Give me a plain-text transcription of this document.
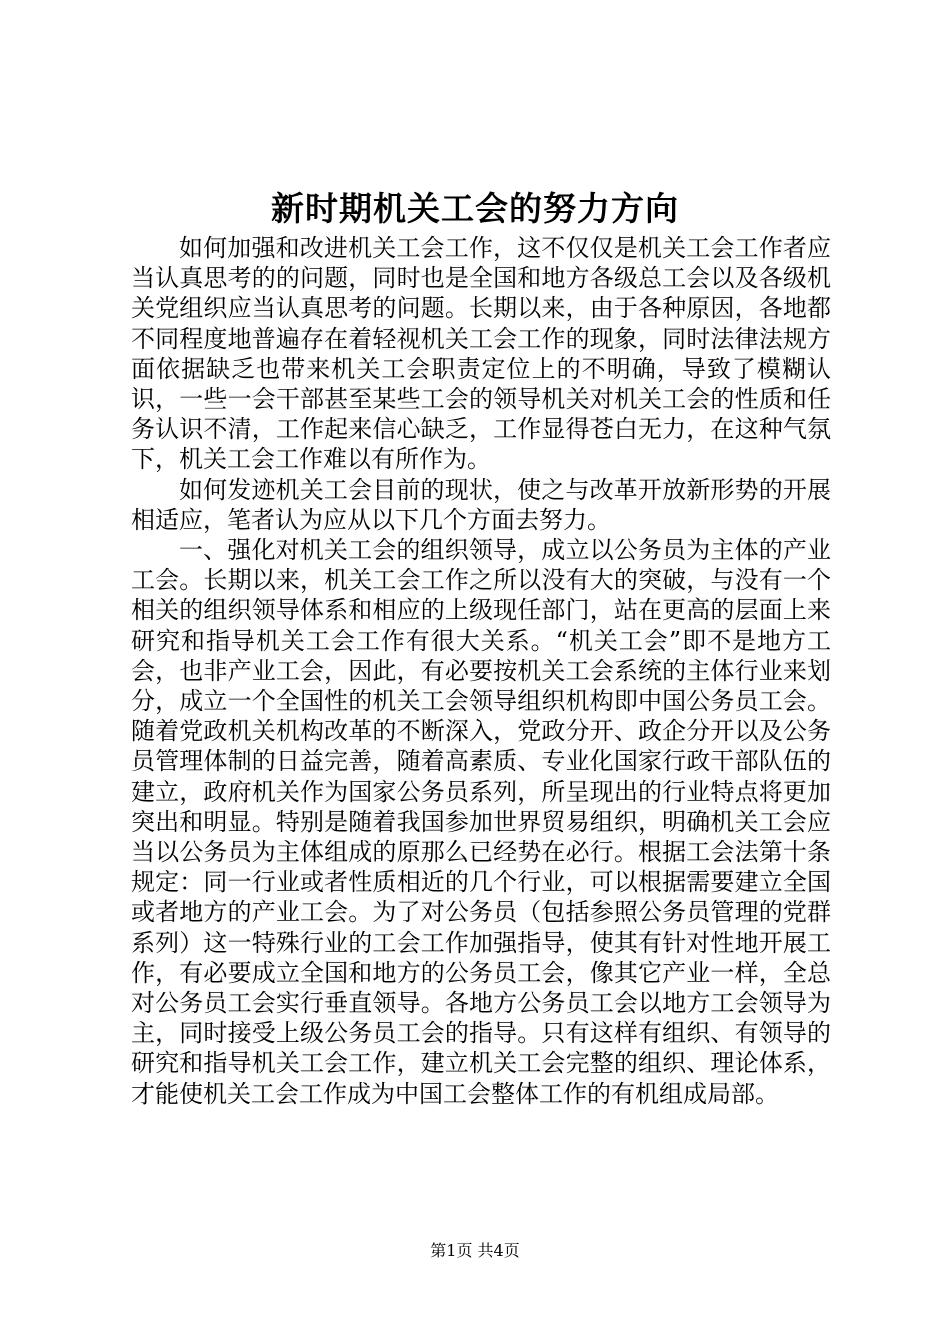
新时期机关工会的努力方向

如何加强和改进机关工会工作，这不仅仅是机关工会工作者应当认真思考的的问题，同时也是全国和地方各级总工会以及各级机关党组织应当认真思考的问题。长期以来，由于各种原因，各地都不同程度地普遍存在着轻视机关工会工作的现象，同时法律法规方面依据缺乏也带来机关工会职责定位上的不明确，导致了模糊认识，一些一会干部甚至某些工会的领导机关对机关工会的性质和任务认识不清，工作起来信心缺乏，工作显得苍白无力，在这种气氛下，机关工会工作难以有所作为。

如何发迹机关工会目前的现状，使之与改革开放新形势的开展相适应，笔者认为应从以下几个方面去努力。

一、强化对机关工会的组织领导，成立以公务员为主体的产业工会。长期以来，机关工会工作之所以没有大的突破，与没有一个相关的组织领导体系和相应的上级现任部门，站在更高的层面上来研究和指导机关工会工作有很大关系。“机关工会”即不是地方工会，也非产业工会，因此，有必要按机关工会系统的主体行业来划分，成立一个全国性的机关工会领导组织机构即中国公务员工会。随着党政机关机构改革的不断深入，党政分开、政企分开以及公务员管理体制的日益完善，随着高素质、专业化国家行政干部队伍的建立，政府机关作为国家公务员系列，所呈现出的行业特点将更加突出和明显。特别是随着我国参加世界贸易组织，明确机关工会应当以公务员为主体组成的原那么已经势在必行。根据工会法第十条规定：同一行业或者性质相近的几个行业，可以根据需要建立全国或者地方的产业工会。为了对公务员（包括参照公务员管理的党群系列）这一特殊行业的工会工作加强指导，使其有针对性地开展工作，有必要成立全国和地方的公务员工会，像其它产业一样，全总对公务员工会实行垂直领导。各地方公务员工会以地方工会领导为主，同时接受上级公务员工会的指导。只有这样有组织、有领导的研究和指导机关工会工作，建立机关工会完整的组织、理论体系，才能使机关工会工作成为中国工会整体工作的有机组成局部。

第1页 共4页
